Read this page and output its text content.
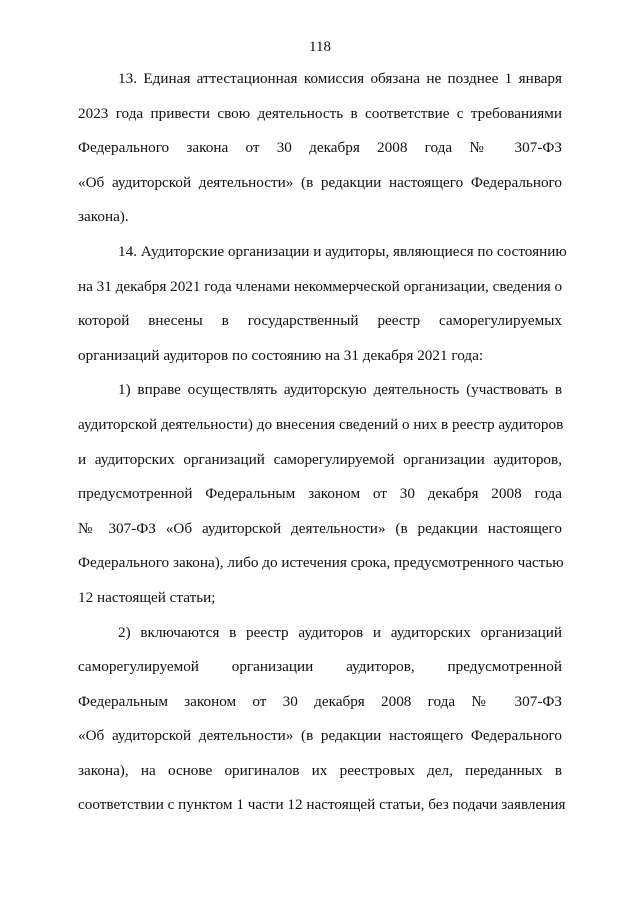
118

13. Единая аттестационная комиссия обязана не позднее 1 января
2023 года привести свою деятельность в соответствие с требованиями
Федерального закона от 30 декабря 2008 года № 307-ФЗ
«Об аудиторской деятельности» (в редакции настоящего Федерального
закона).

14. Аудиторские организации и аудиторы, являющиеся по состоянию
на 31 декабря 2021 года членами некоммерческой организации, сведения о
которой внесены в государственный реестр саморегулируемых
организаций аудиторов по состоянию на 31 декабря 2021 года:

1) вправе осуществлять аудиторскую деятельность (участвовать в
аудиторской деятельности) до внесения сведений о них в реестр аудиторов
и аудиторских организаций саморегулируемой организации аудиторов,
предусмотренной Федеральным законом от 30 декабря 2008 года
№ 307-ФЗ «Об аудиторской деятельности» (в редакции настоящего
Федерального закона), либо до истечения срока, предусмотренного частью
12 настоящей статьи;

2) включаются в реестр аудиторов и аудиторских организаций
саморегулируемой организации аудиторов, предусмотренной
Федеральным законом от 30 декабря 2008 года № 307-ФЗ
«Об аудиторской деятельности» (в редакции настоящего Федерального
закона), на основе оригиналов их реестровых дел, переданных в
соответствии с пунктом 1 части 12 настоящей статьи, без подачи заявления
